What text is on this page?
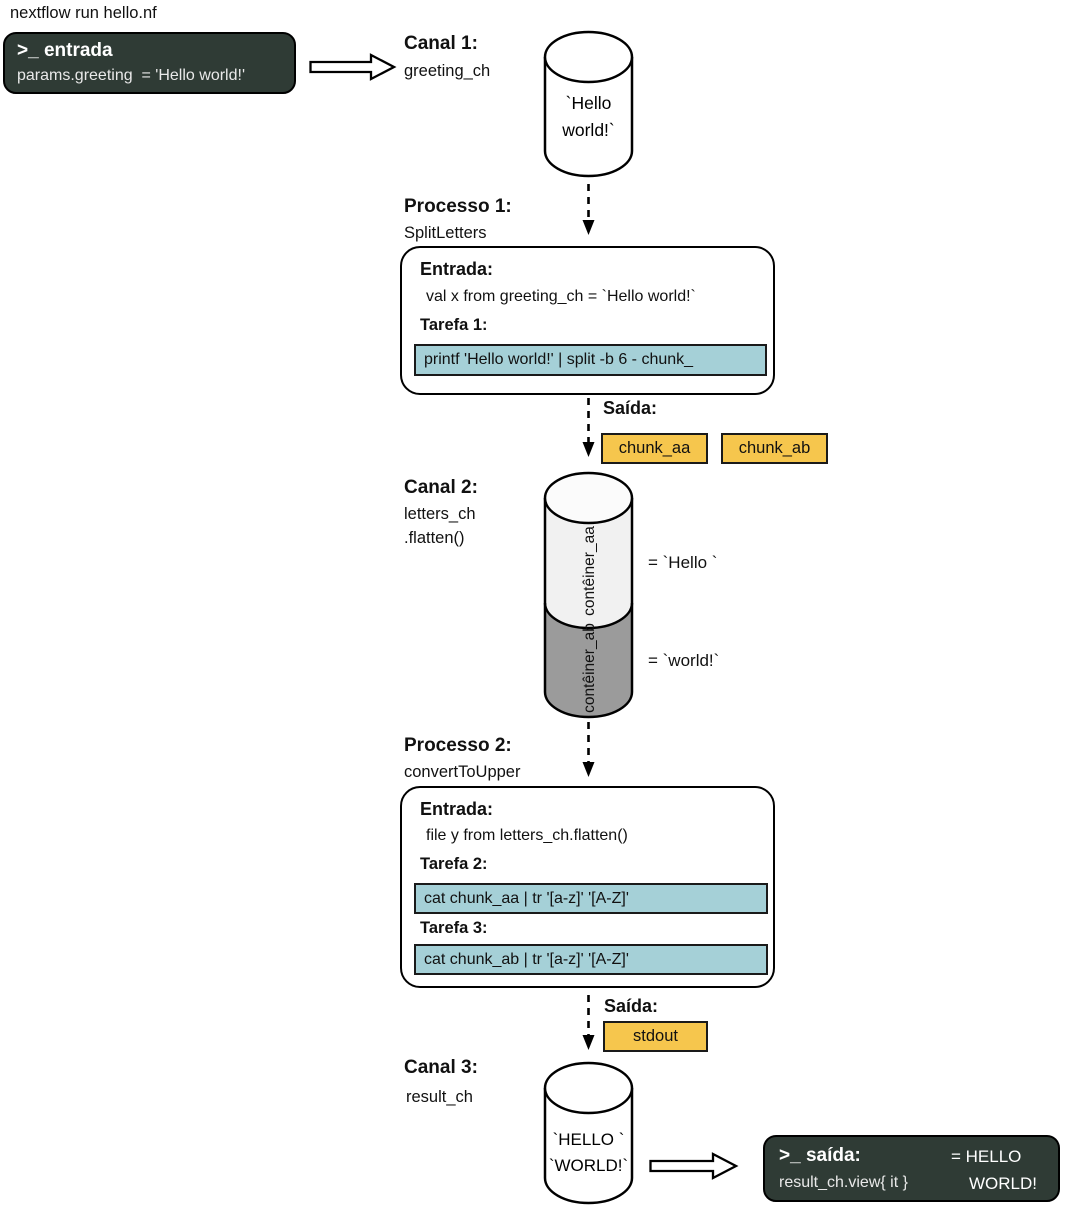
nextflow run hello.nf
>_ entrada
params.greeting  = 'Hello world!'
Canal 1:
greeting_ch
`Hello
world!`
Processo 1:
SplitLetters
Entrada:
val x from greeting_ch = `Hello world!`
Tarefa 1:
printf 'Hello world!' | split -b 6 - chunk_
Saída:
chunk_aa	chunk_ab
Canal 2:
letters_ch
.flatten()	contêiner_aa
contêiner_ab
= `Hello `
= `world!`
Processo 2:
convertToUpper
Entrada:
file y from letters_ch.flatten()
Tarefa 2:
cat chunk_aa | tr '[a-z]' '[A-Z]'
Tarefa 3:
cat chunk_ab | tr '[a-z]' '[A-Z]'
Saída:
stdout
Canal 3:
result_ch
`HELLO `
`WORLD!`	>_ saída:
result_ch.view{ it }
= HELLO
WORLD!
